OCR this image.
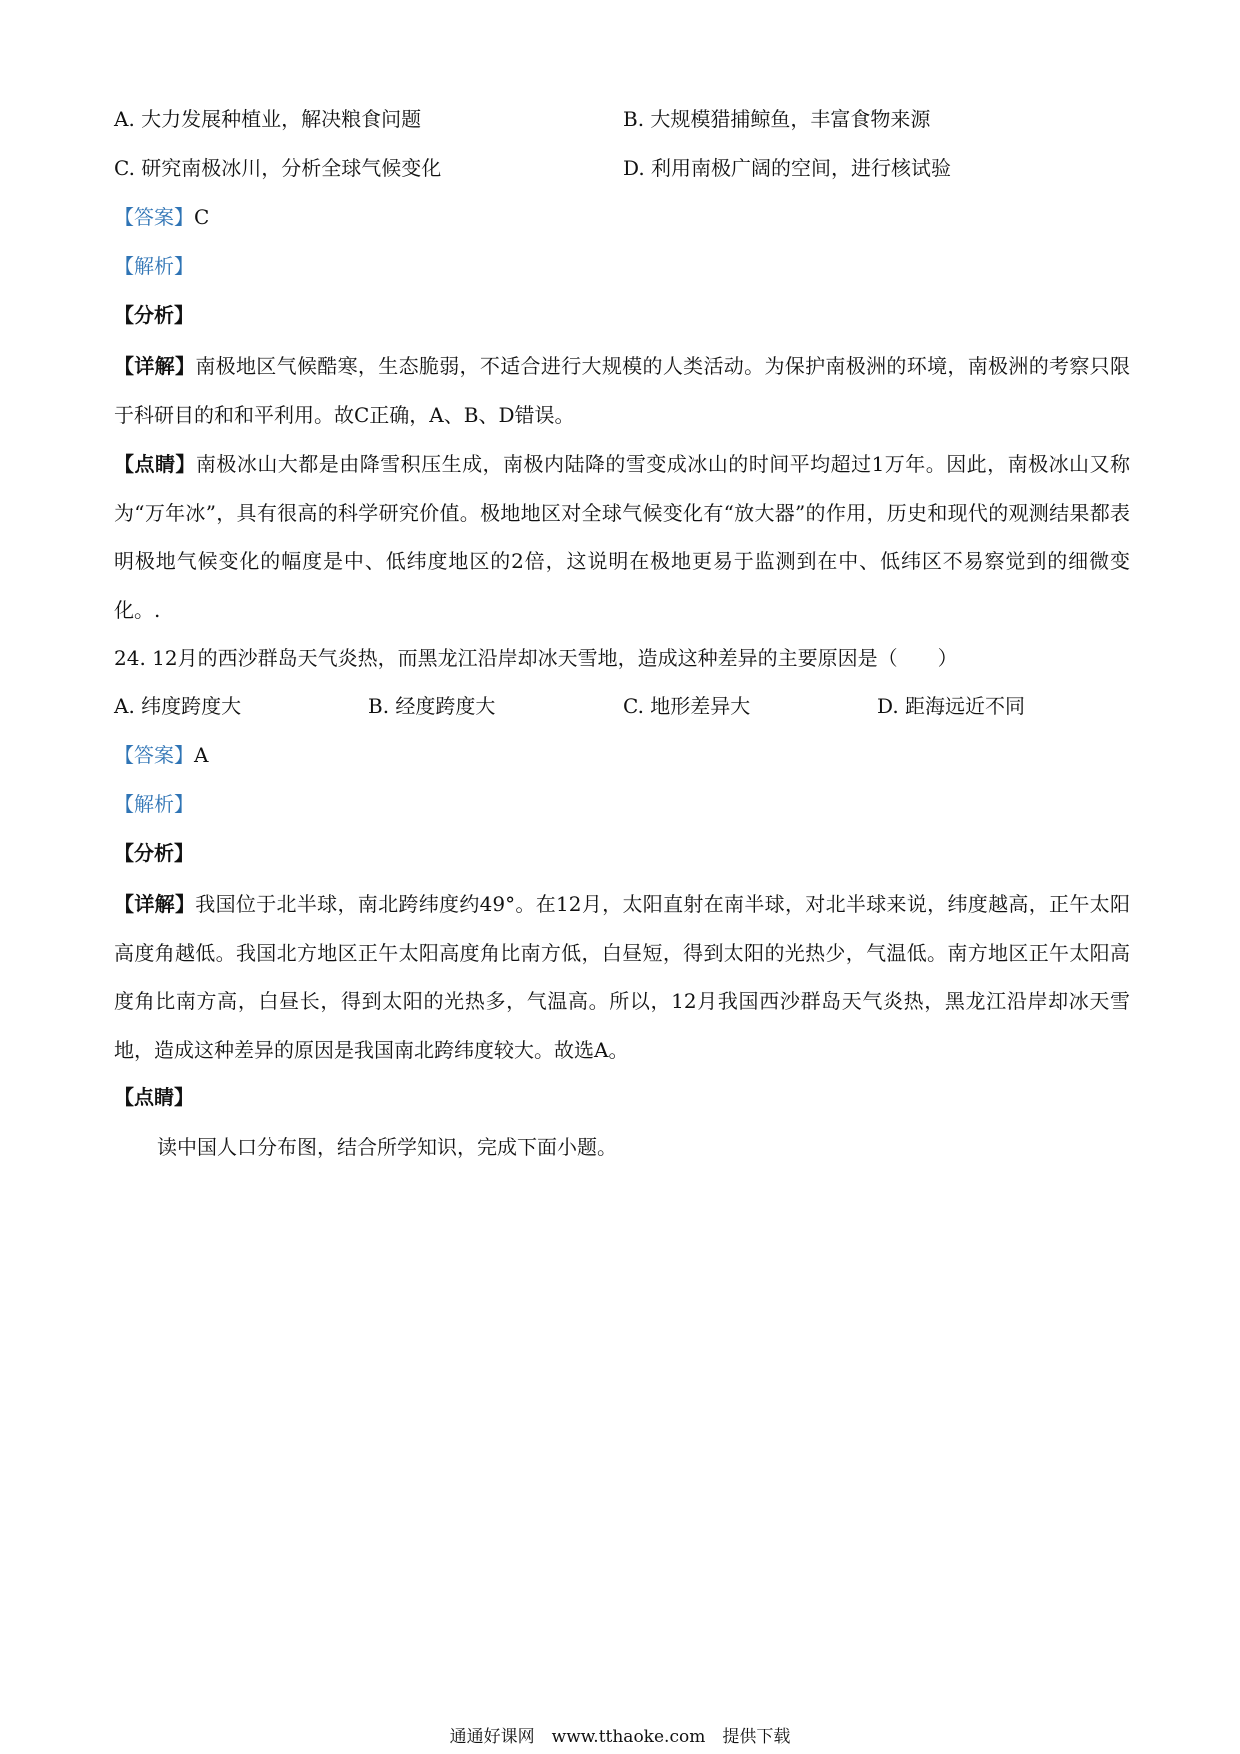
A. 大力发展种植业，解决粮食问题	B. 大规模猎捕鲸鱼，丰富食物来源
C. 研究南极冰川，分析全球气候变化	D. 利用南极广阔的空间，进行核试验
【答案】C
【解析】
【分析】
【详解】南极地区气候酷寒，生态脆弱，不适合进行大规模的人类活动。为保护南极洲的环境，南极洲的考察只限于科研目的和和平利用。故C正确，A、B、D错误。
【点睛】南极冰山大都是由降雪积压生成，南极内陆降的雪变成冰山的时间平均超过1万年。因此，南极冰山又称为“万年冰”，具有很高的科学研究价值。极地地区对全球气候变化有“放大器”的作用，历史和现代的观测结果都表明极地气候变化的幅度是中、低纬度地区的2倍，这说明在极地更易于监测到在中、低纬区不易察觉到的细微变化。.
24. 12月的西沙群岛天气炎热，而黑龙江沿岸却冰天雪地，造成这种差异的主要原因是（　　）
A. 纬度跨度大	B. 经度跨度大	C. 地形差异大	D. 距海远近不同
【答案】A
【解析】
【分析】
【详解】我国位于北半球，南北跨纬度约49°。在12月，太阳直射在南半球，对北半球来说，纬度越高，正午太阳高度角越低。我国北方地区正午太阳高度角比南方低，白昼短，得到太阳的光热少，气温低。南方地区正午太阳高度角比南方高，白昼长，得到太阳的光热多，气温高。所以，12月我国西沙群岛天气炎热，黑龙江沿岸却冰天雪地，造成这种差异的原因是我国南北跨纬度较大。故选A。
【点睛】
读中国人口分布图，结合所学知识，完成下面小题。
通通好课网　www.tthaoke.com　提供下载
